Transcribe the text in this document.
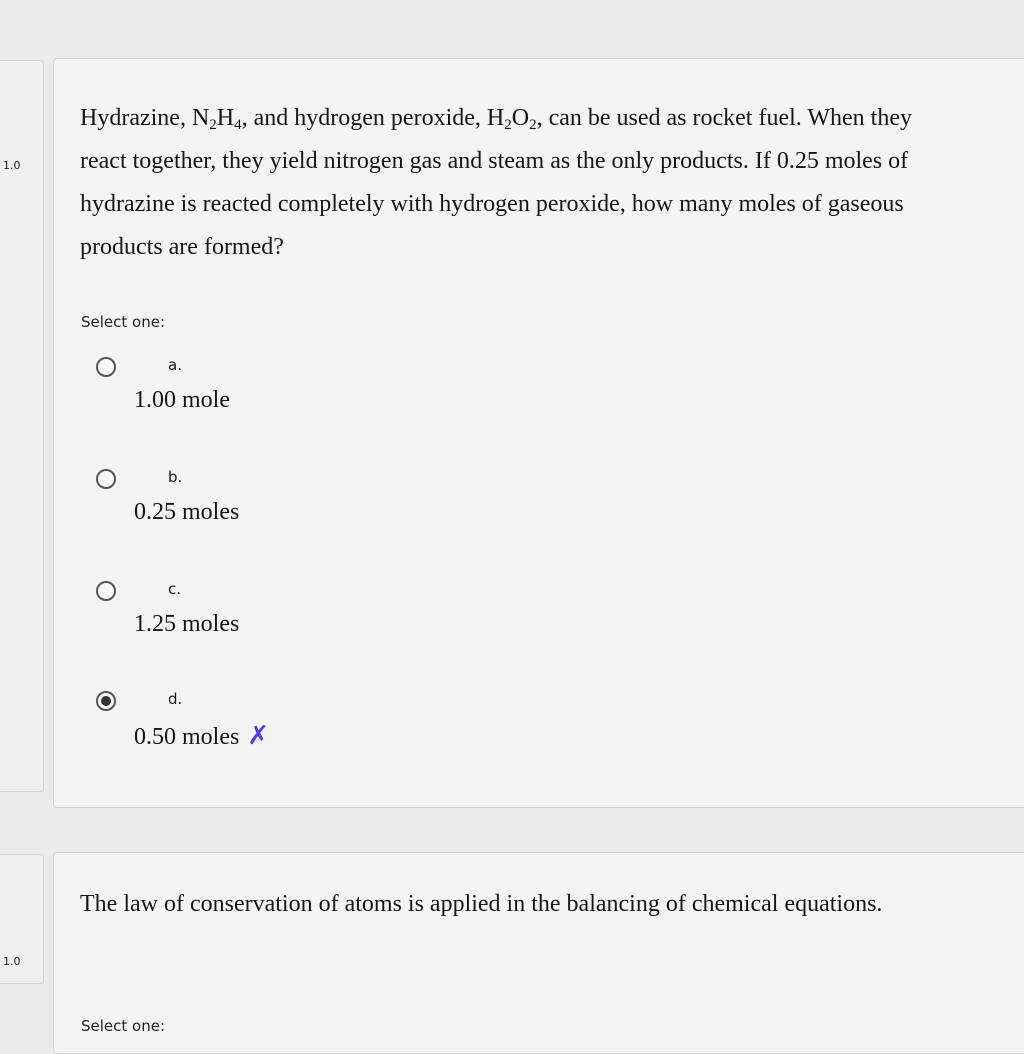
1.0
Hydrazine, $N_2H_4$, and hydrogen peroxide, $H_2O_2$, can be used as rocket fuel. When they react together, they yield nitrogen gas and steam as the only products. If 0.25 moles of hydrazine is reacted completely with hydrogen peroxide, how many moles of gaseous products are formed?
Select one:
a.
1.00 mole
b.
0.25 moles
c.
1.25 moles
d.
0.50 moles ✗
1.0
The law of conservation of atoms is applied in the balancing of chemical equations.
Select one:
